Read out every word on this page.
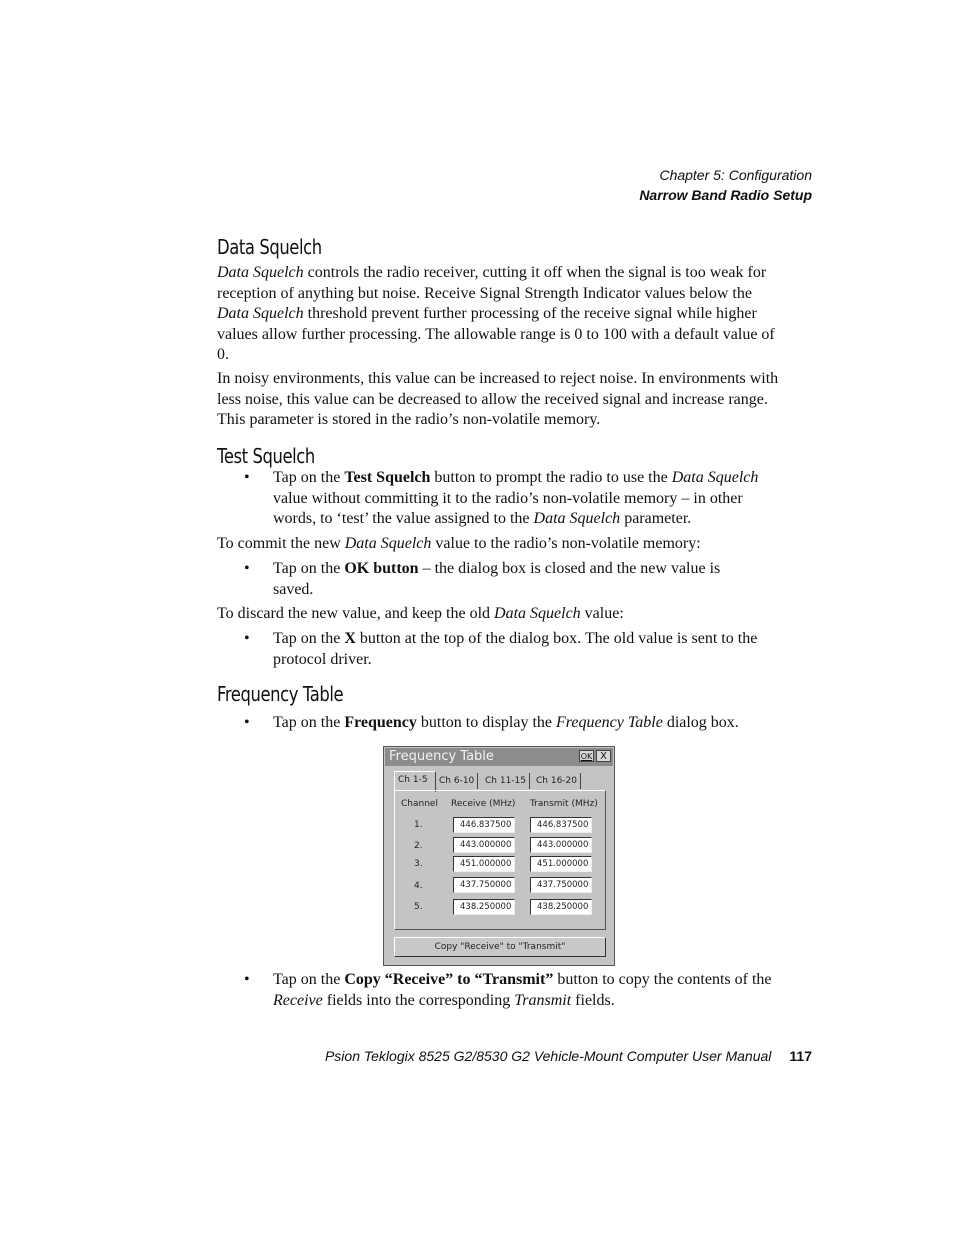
Chapter 5: Configuration
Narrow Band Radio Setup
Data Squelch

Data Squelch controls the radio receiver, cutting it off when the signal is too weak for reception of anything but noise. Receive Signal Strength Indicator values below the Data Squelch threshold prevent further processing of the receive signal while higher values allow further processing. The allowable range is 0 to 100 with a default value of 0.

In noisy environments, this value can be increased to reject noise. In environments with less noise, this value can be decreased to allow the received signal and increase range. This parameter is stored in the radio’s non-volatile memory.

Test Squelch
• Tap on the Test Squelch button to prompt the radio to use the Data Squelch value without committing it to the radio’s non-volatile memory – in other words, to ‘test’ the value assigned to the Data Squelch parameter.

To commit the new Data Squelch value to the radio’s non-volatile memory:

• Tap on the OK button – the dialog box is closed and the new value is saved.

To discard the new value, and keep the old Data Squelch value:

• Tap on the X button at the top of the dialog box. The old value is sent to the protocol driver.
Frequency Table
• Tap on the Frequency button to display the Frequency Table dialog box.
Frequency Table	OK X
Ch 1-5	Ch 6-10	Ch 11-15	Ch 16-20
Channel Receive (MHz) Transmit (MHz)
1.	446.837500	446.837500
2.	443.000000	443.000000
3.	451.000000	451.000000
4.	437.750000	437.750000
5.	438.250000	438.250000
Copy "Receive" to "Transmit"
• Tap on the Copy “Receive” to “Transmit” button to copy the contents of the Receive fields into the corresponding Transmit fields.
Psion Teklogix 8525 G2/8530 G2 Vehicle-Mount Computer User Manual 117
